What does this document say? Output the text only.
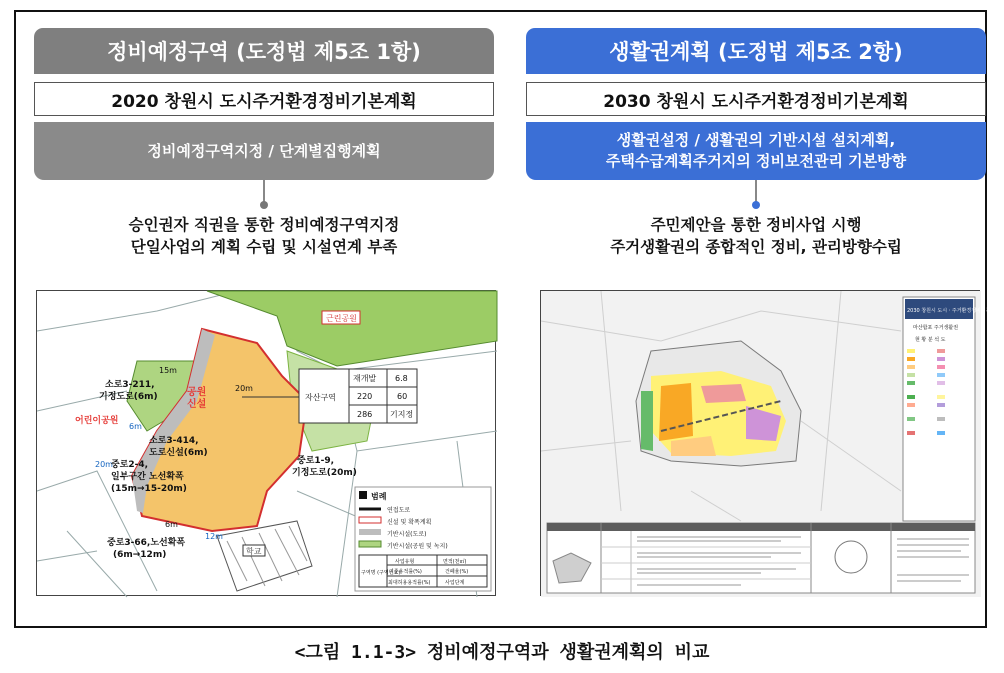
정비예정구역 (도정법 제5조 1항)
2020 창원시 도시주거환경정비기본계획
정비예정구역지정 / 단계별집행계획
승인권자 직권을 통한 정비예정구역지정
단일사업의 계획 수립 및 시설연계 부족
생활권계획 (도정법 제5조 2항)
2030 창원시 도시주거환경정비기본계획
생활권설정 / 생활권의 기반시설 설치계획,
주택수급계획주거지의 정비보전관리 기본방향
주민제안을 통한 정비사업 시행
주거생활권의 종합적인 정비, 관리방향수립
학교
근린공원
소로3-211,
기정도로(6m)
15m
20m
공원
신설
어린이공원
6m
소로3-414,
도로신설(6m)
20m
중로2-4,
일부구간 노선확폭
(15m→15-20m)
중로1-9,
기정도로(20m)
6m
12m
중로3-66,노선확폭
(6m→12m)
자산구역
재개발 6.8
220	60
286 기지정
범례
연접도로
신설 및 확폭계획
기반시설(도로)
기반시설(공원 및 녹지)
구역명 (구역번호)
사업유형	면적(천㎡)
기준용적률(%)	건폐율(%)
최대허용용적률(%)	사업단계
2030 창원시 도시ㆍ주거환경정비기본계획
마산합포 주거생활권
현 황 분 석 도
<그림 1.1-3> 정비예정구역과 생활권계획의 비교
